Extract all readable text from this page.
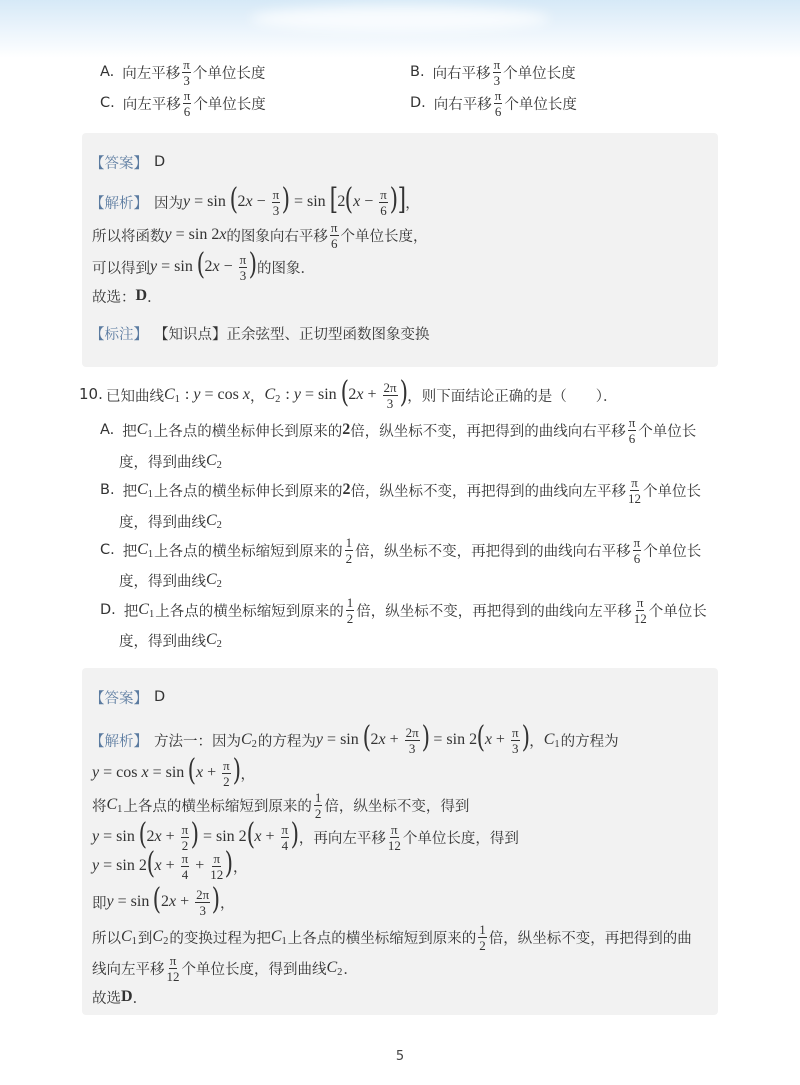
A. 向左平移 $\frac{\pi}{3}$ 个单位长度	B. 向右平移 $\frac{\pi}{3}$ 个单位长度
C. 向左平移 $\frac{\pi}{6}$ 个单位长度	D. 向右平移 $\frac{\pi}{6}$ 个单位长度
【答案】 D
【解析】 因为 y = sin ( $2x - \frac{\pi}{3}$ ) = sin [ 2 ( $x - \frac{\pi}{6}$ ) ] ，
所以将函数 y = sin 2x 的图象向右平移 $\frac{\pi}{6}$ 个单位长度，
可以得到 y = sin ( $2x - \frac{\pi}{3}$ ) 的图象．
故选： D ．
【标注】 【知识点】正余弦型、正切型函数图象变换
10. 已知曲线 C 1 : y = cos x ， C 2 : y = sin ( $2x + \frac{2\pi}{3}$ ) ，则下面结论正确的是（　　）．
A. 把 C 1 上各点的横坐标伸长到原来的 2 倍，纵坐标不变，再把得到的曲线向右平移 $\frac{\pi}{6}$ 个单位长
度，得到曲线 C 2
B. 把 C 1 上各点的横坐标伸长到原来的 2 倍，纵坐标不变，再把得到的曲线向左平移 $\frac{\pi}{12}$ 个单位长
度，得到曲线 C 2
C. 把 C 1 上各点的横坐标缩短到原来的 $\frac{1}{2}$ 倍，纵坐标不变，再把得到的曲线向右平移 $\frac{\pi}{6}$ 个单位长
度，得到曲线 C 2
D. 把 C 1 上各点的横坐标缩短到原来的 $\frac{1}{2}$ 倍，纵坐标不变，再把得到的曲线向左平移 $\frac{\pi}{12}$ 个单位长
度，得到曲线 C 2
【答案】 D
【解析】 方法一：因为 C 2 的方程为 y = sin ( $2x + \frac{2\pi}{3}$ ) = sin 2 ( $x + \frac{\pi}{3}$ ) ， C 1 的方程为
y = cos x = sin ( $x + \frac{\pi}{2}$ ) ，
将 C 1 上各点的横坐标缩短到原来的 $\frac{1}{2}$ 倍，纵坐标不变，得到
y = sin ( $2x + \frac{\pi}{2}$ ) = sin 2 ( $x + \frac{\pi}{4}$ ) ，再向左平移 $\frac{\pi}{12}$ 个单位长度，得到
y = sin 2 ( $x + \frac{\pi}{4} + \frac{\pi}{12}$ ) ，
即 y = sin ( $2x + \frac{2\pi}{3}$ ) ，
所以 C 1 到 C 2 的变换过程为把 C 1 上各点的横坐标缩短到原来的 $\frac{1}{2}$ 倍，纵坐标不变，再把得到的曲
线向左平移 $\frac{\pi}{12}$ 个单位长度，得到曲线 C 2 ．
故选 D ．
5
